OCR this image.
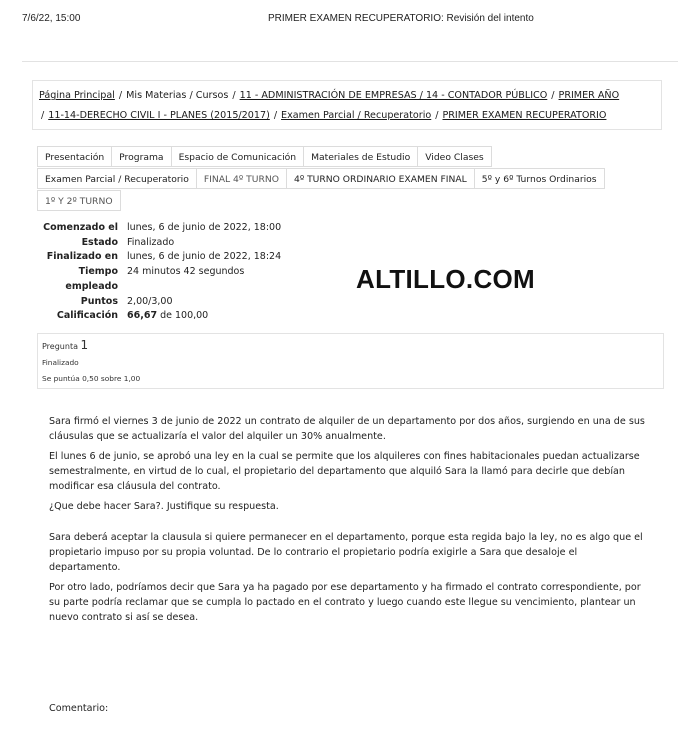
7/6/22, 15:00	PRIMER EXAMEN RECUPERATORIO: Revisión del intento
Página Principal / Mis Materias / Cursos / 11 - ADMINISTRACIÓN DE EMPRESAS / 14 - CONTADOR PÚBLICO / PRIMER AÑO
/ 11-14-DERECHO CIVIL I - PLANES (2015/2017) / Examen Parcial / Recuperatorio / PRIMER EXAMEN RECUPERATORIO
Presentación	Programa	Espacio de Comunicación	Materiales de Estudio	Video Clases
Examen Parcial / Recuperatorio	FINAL 4º TURNO	4º TURNO ORDINARIO EXAMEN FINAL	5º y 6º Turnos Ordinarios
1º Y 2º TURNO
Comenzado el lunes, 6 de junio de 2022, 18:00
Estado Finalizado
Finalizado en lunes, 6 de junio de 2022, 18:24
Tiempo
empleado
24 minutos 42 segundos
Puntos 2,00/3,00
Calificación 66,67 de 100,00
ALTILLO.COM
Pregunta 1
Finalizado
Se puntúa 0,50 sobre 1,00

Sara firmó el viernes 3 de junio de 2022 un contrato de alquiler de un departamento por dos años, surgiendo en una de sus cláusulas que se actualizaría el valor del alquiler un 30% anualmente.

El lunes 6 de junio, se aprobó una ley en la cual se permite que los alquileres con fines habitacionales puedan actualizarse semestralmente, en virtud de lo cual, el propietario del departamento que alquiló Sara la llamó para decirle que debían modificar esa cláusula del contrato.

¿Que debe hacer Sara?. Justifique su respuesta.

Sara deberá aceptar la clausula si quiere permanecer en el departamento, porque esta regida bajo la ley, no es algo que el propietario impuso por su propia voluntad. De lo contrario el propietario podría exigirle a Sara que desaloje el departamento.

Por otro lado, podríamos decir que Sara ya ha pagado por ese departamento y ha firmado el contrato correspondiente, por su parte podría reclamar que se cumpla lo pactado en el contrato y luego cuando este llegue su vencimiento, plantear un nuevo contrato si así se desea.

Comentario:
